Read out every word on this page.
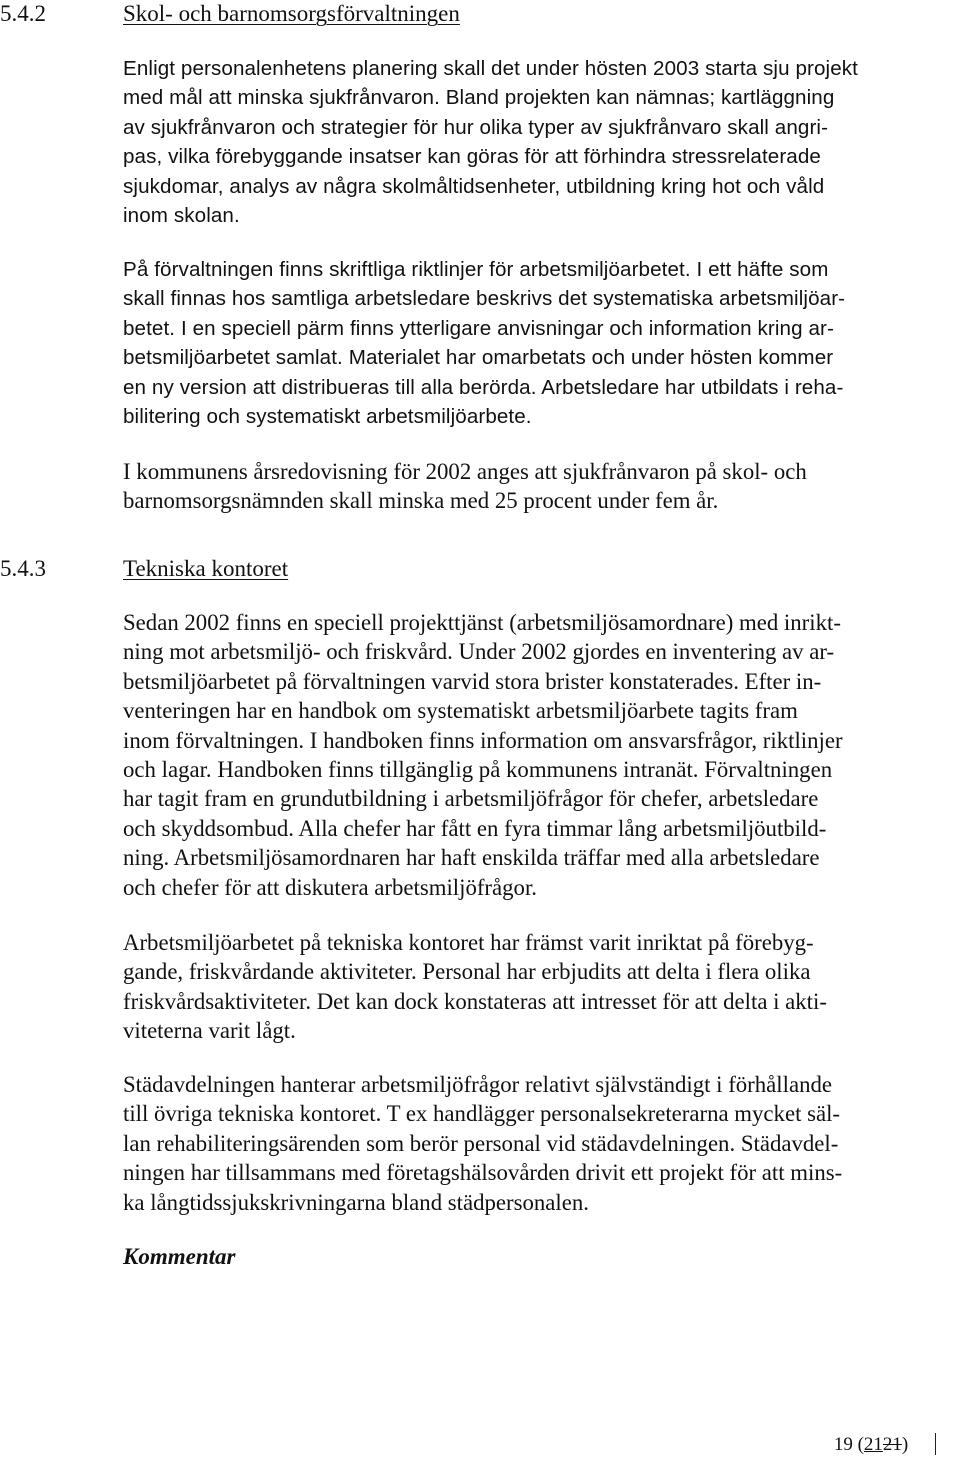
5.4.2	Skol- och barnomsorgsförvaltningen
Enligt personalenhetens planering skall det under hösten 2003 starta sju projekt
med mål att minska sjukfrånvaron. Bland projekten kan nämnas; kartläggning
av sjukfrånvaron och strategier för hur olika typer av sjukfrånvaro skall angri-
pas, vilka förebyggande insatser kan göras för att förhindra stressrelaterade
sjukdomar, analys av några skolmåltidsenheter, utbildning kring hot och våld
inom skolan.
På förvaltningen finns skriftliga riktlinjer för arbetsmiljöarbetet. I ett häfte som
skall finnas hos samtliga arbetsledare beskrivs det systematiska arbetsmiljöar-
betet. I en speciell pärm finns ytterligare anvisningar och information kring ar-
betsmiljöarbetet samlat. Materialet har omarbetats och under hösten kommer
en ny version att distribueras till alla berörda. Arbetsledare har utbildats i reha-
bilitering och systematiskt arbetsmiljöarbete.
I kommunens årsredovisning för 2002 anges att sjukfrånvaron på skol- och
barnomsorgsnämnden skall minska med 25 procent under fem år.
5.4.3	Tekniska kontoret
Sedan 2002 finns en speciell projekttjänst (arbetsmiljösamordnare) med inrikt-
ning mot arbetsmiljö- och friskvård. Under 2002 gjordes en inventering av ar-
betsmiljöarbetet på förvaltningen varvid stora brister konstaterades. Efter in-
venteringen har en handbok om systematiskt arbetsmiljöarbete tagits fram
inom förvaltningen. I handboken finns information om ansvarsfrågor, riktlinjer
och lagar. Handboken finns tillgänglig på kommunens intranät. Förvaltningen
har tagit fram en grundutbildning i arbetsmiljöfrågor för chefer, arbetsledare
och skyddsombud. Alla chefer har fått en fyra timmar lång arbetsmiljöutbild-
ning. Arbetsmiljösamordnaren har haft enskilda träffar med alla arbetsledare
och chefer för att diskutera arbetsmiljöfrågor.
Arbetsmiljöarbetet på tekniska kontoret har främst varit inriktat på förebyg-
gande, friskvårdande aktiviteter. Personal har erbjudits att delta i flera olika
friskvårdsaktiviteter. Det kan dock konstateras att intresset för att delta i akti-
viteterna varit lågt.
Städavdelningen hanterar arbetsmiljöfrågor relativt självständigt i förhållande
till övriga tekniska kontoret. T ex handlägger personalsekreterarna mycket säl-
lan rehabiliteringsärenden som berör personal vid städavdelningen. Städavdel-
ningen har tillsammans med företagshälsovården drivit ett projekt för att mins-
ka långtidssjukskrivningarna bland städpersonalen.
Kommentar
19 (2121)
